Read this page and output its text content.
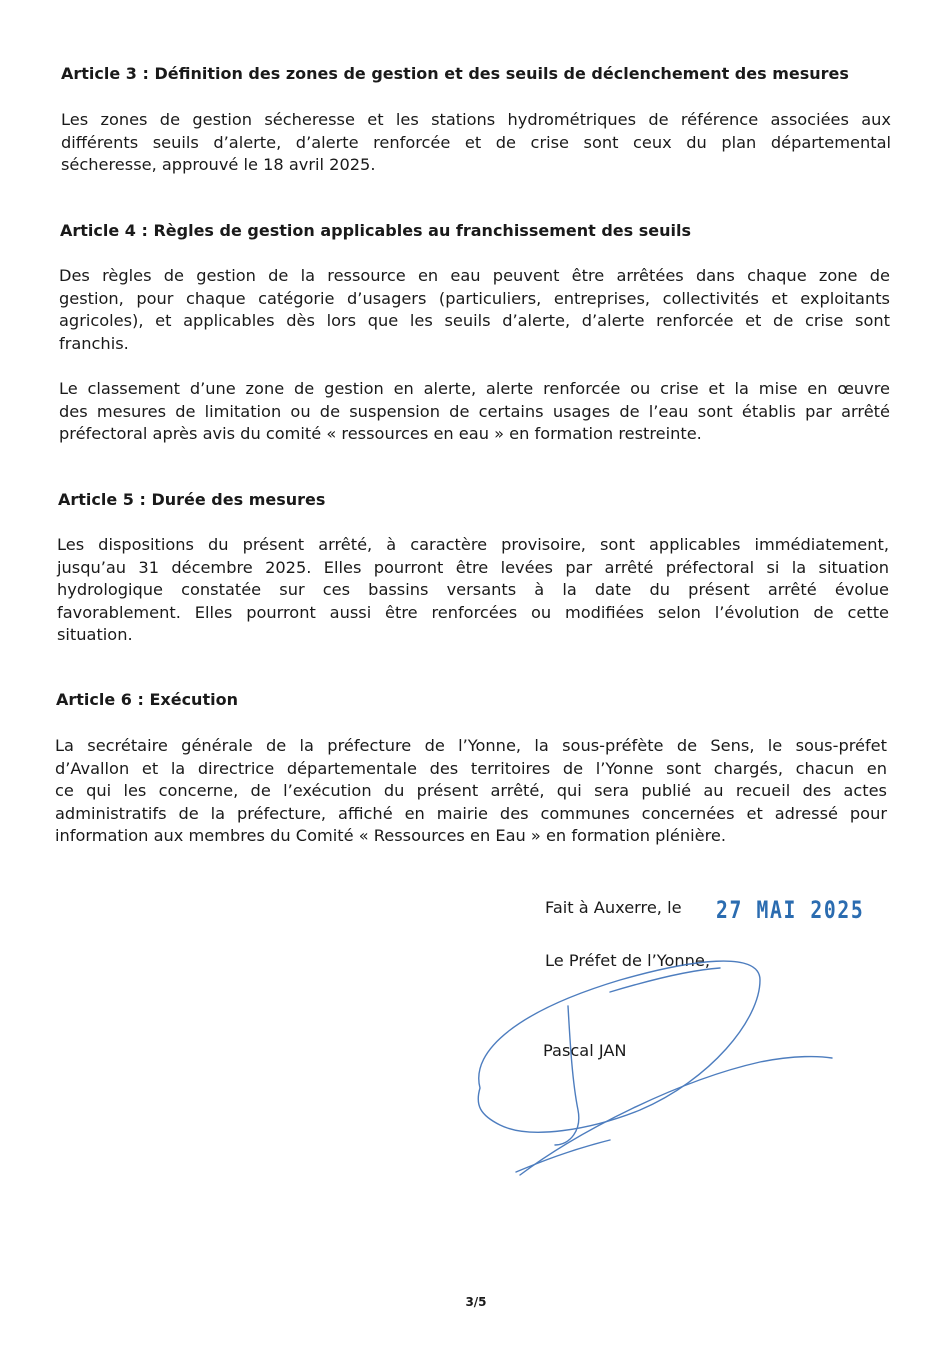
Article 3 : Définition des zones de gestion et des seuils de déclenchement des mesures
Les zones de gestion sécheresse et les stations hydrométriques de référence associées aux
différents seuils d’alerte, d’alerte renforcée et de crise sont ceux du plan départemental
sécheresse, approuvé le 18 avril 2025.
Article 4 : Règles de gestion applicables au franchissement des seuils
Des règles de gestion de la ressource en eau peuvent être arrêtées dans chaque zone de
gestion, pour chaque catégorie d’usagers (particuliers, entreprises, collectivités et exploitants
agricoles), et applicables dès lors que les seuils d’alerte, d’alerte renforcée et de crise sont
franchis.
Le classement d’une zone de gestion en alerte, alerte renforcée ou crise et la mise en œuvre
des mesures de limitation ou de suspension de certains usages de l’eau sont établis par arrêté
préfectoral après avis du comité « ressources en eau » en formation restreinte.
Article 5 : Durée des mesures
Les dispositions du présent arrêté, à caractère provisoire, sont applicables immédiatement,
jusqu’au 31 décembre 2025. Elles pourront être levées par arrêté préfectoral si la situation
hydrologique constatée sur ces bassins versants à la date du présent arrêté évolue
favorablement. Elles pourront aussi être renforcées ou modifiées selon l’évolution de cette
situation.
Article 6 : Exécution
La secrétaire générale de la préfecture de l’Yonne, la sous-préfète de Sens, le sous-préfet
d’Avallon et la directrice départementale des territoires de l’Yonne sont chargés, chacun en
ce qui les concerne, de l’exécution du présent arrêté, qui sera publié au recueil des actes
administratifs de la préfecture, affiché en mairie des communes concernées et adressé pour
information aux membres du Comité « Ressources en Eau » en formation plénière.
Fait à Auxerre, le 27 MAI 2025
Le Préfet de l’Yonne,
Pascal JAN
3/5
